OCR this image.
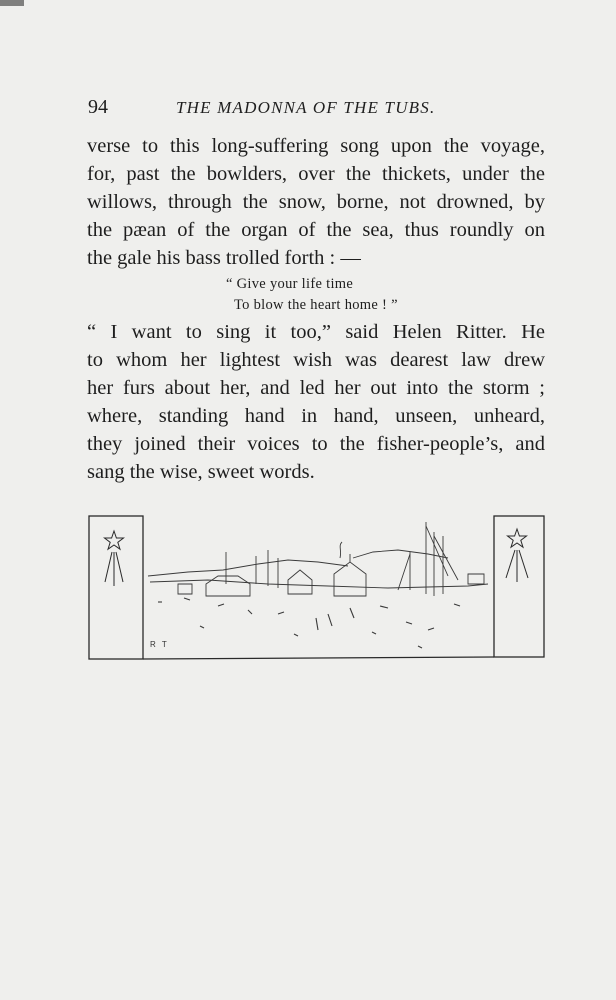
94	THE MADONNA OF THE TUBS.
verse to this long-suffering song upon the voyage,
for, past the bowlders, over the thickets, under the
willows, through the snow, borne, not drowned, by
the pæan of the organ of the sea, thus roundly on
the gale his bass trolled forth : —
“ Give your life time
To blow the heart home ! ”
“ I want to sing it too,” said Helen Ritter. He
to whom her lightest wish was dearest law drew
her furs about her, and led her out into the storm ;
where, standing hand in hand, unseen, unheard,
they joined their voices to the fisher-people’s, and
sang the wise, sweet words.
R T
